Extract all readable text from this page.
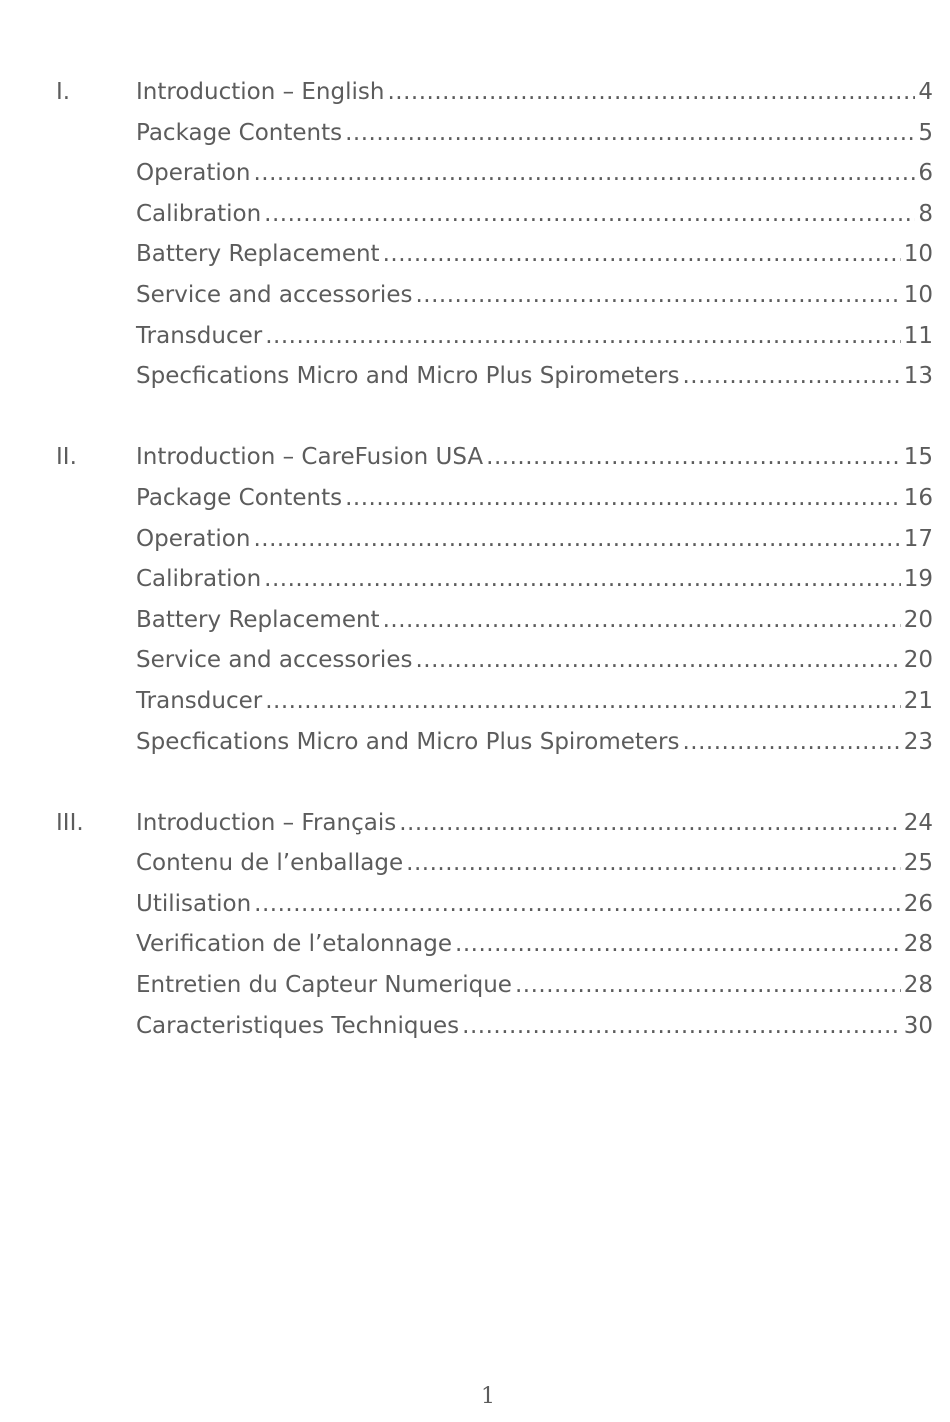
I.	Introduction – English .....	4
Package Contents .....	5
Operation .....	6
Calibration .....	8
Battery Replacement .....	10
Service and accessories .....	10
Transducer .....	11
Specfications Micro and Micro Plus Spirometers .....	13
II.	Introduction – CareFusion USA .....	15
Package Contents .....	16
Operation .....	17
Calibration .....	19
Battery Replacement .....	20
Service and accessories .....	20
Transducer .....	21
Specfications Micro and Micro Plus Spirometers .....	23
III.	Introduction – Français .....	24
Contenu de l’enballage .....	25
Utilisation .....	26
Verification de l’etalonnage .....	28
Entretien du Capteur Numerique .....	28
Caracteristiques Techniques .....	30
1
